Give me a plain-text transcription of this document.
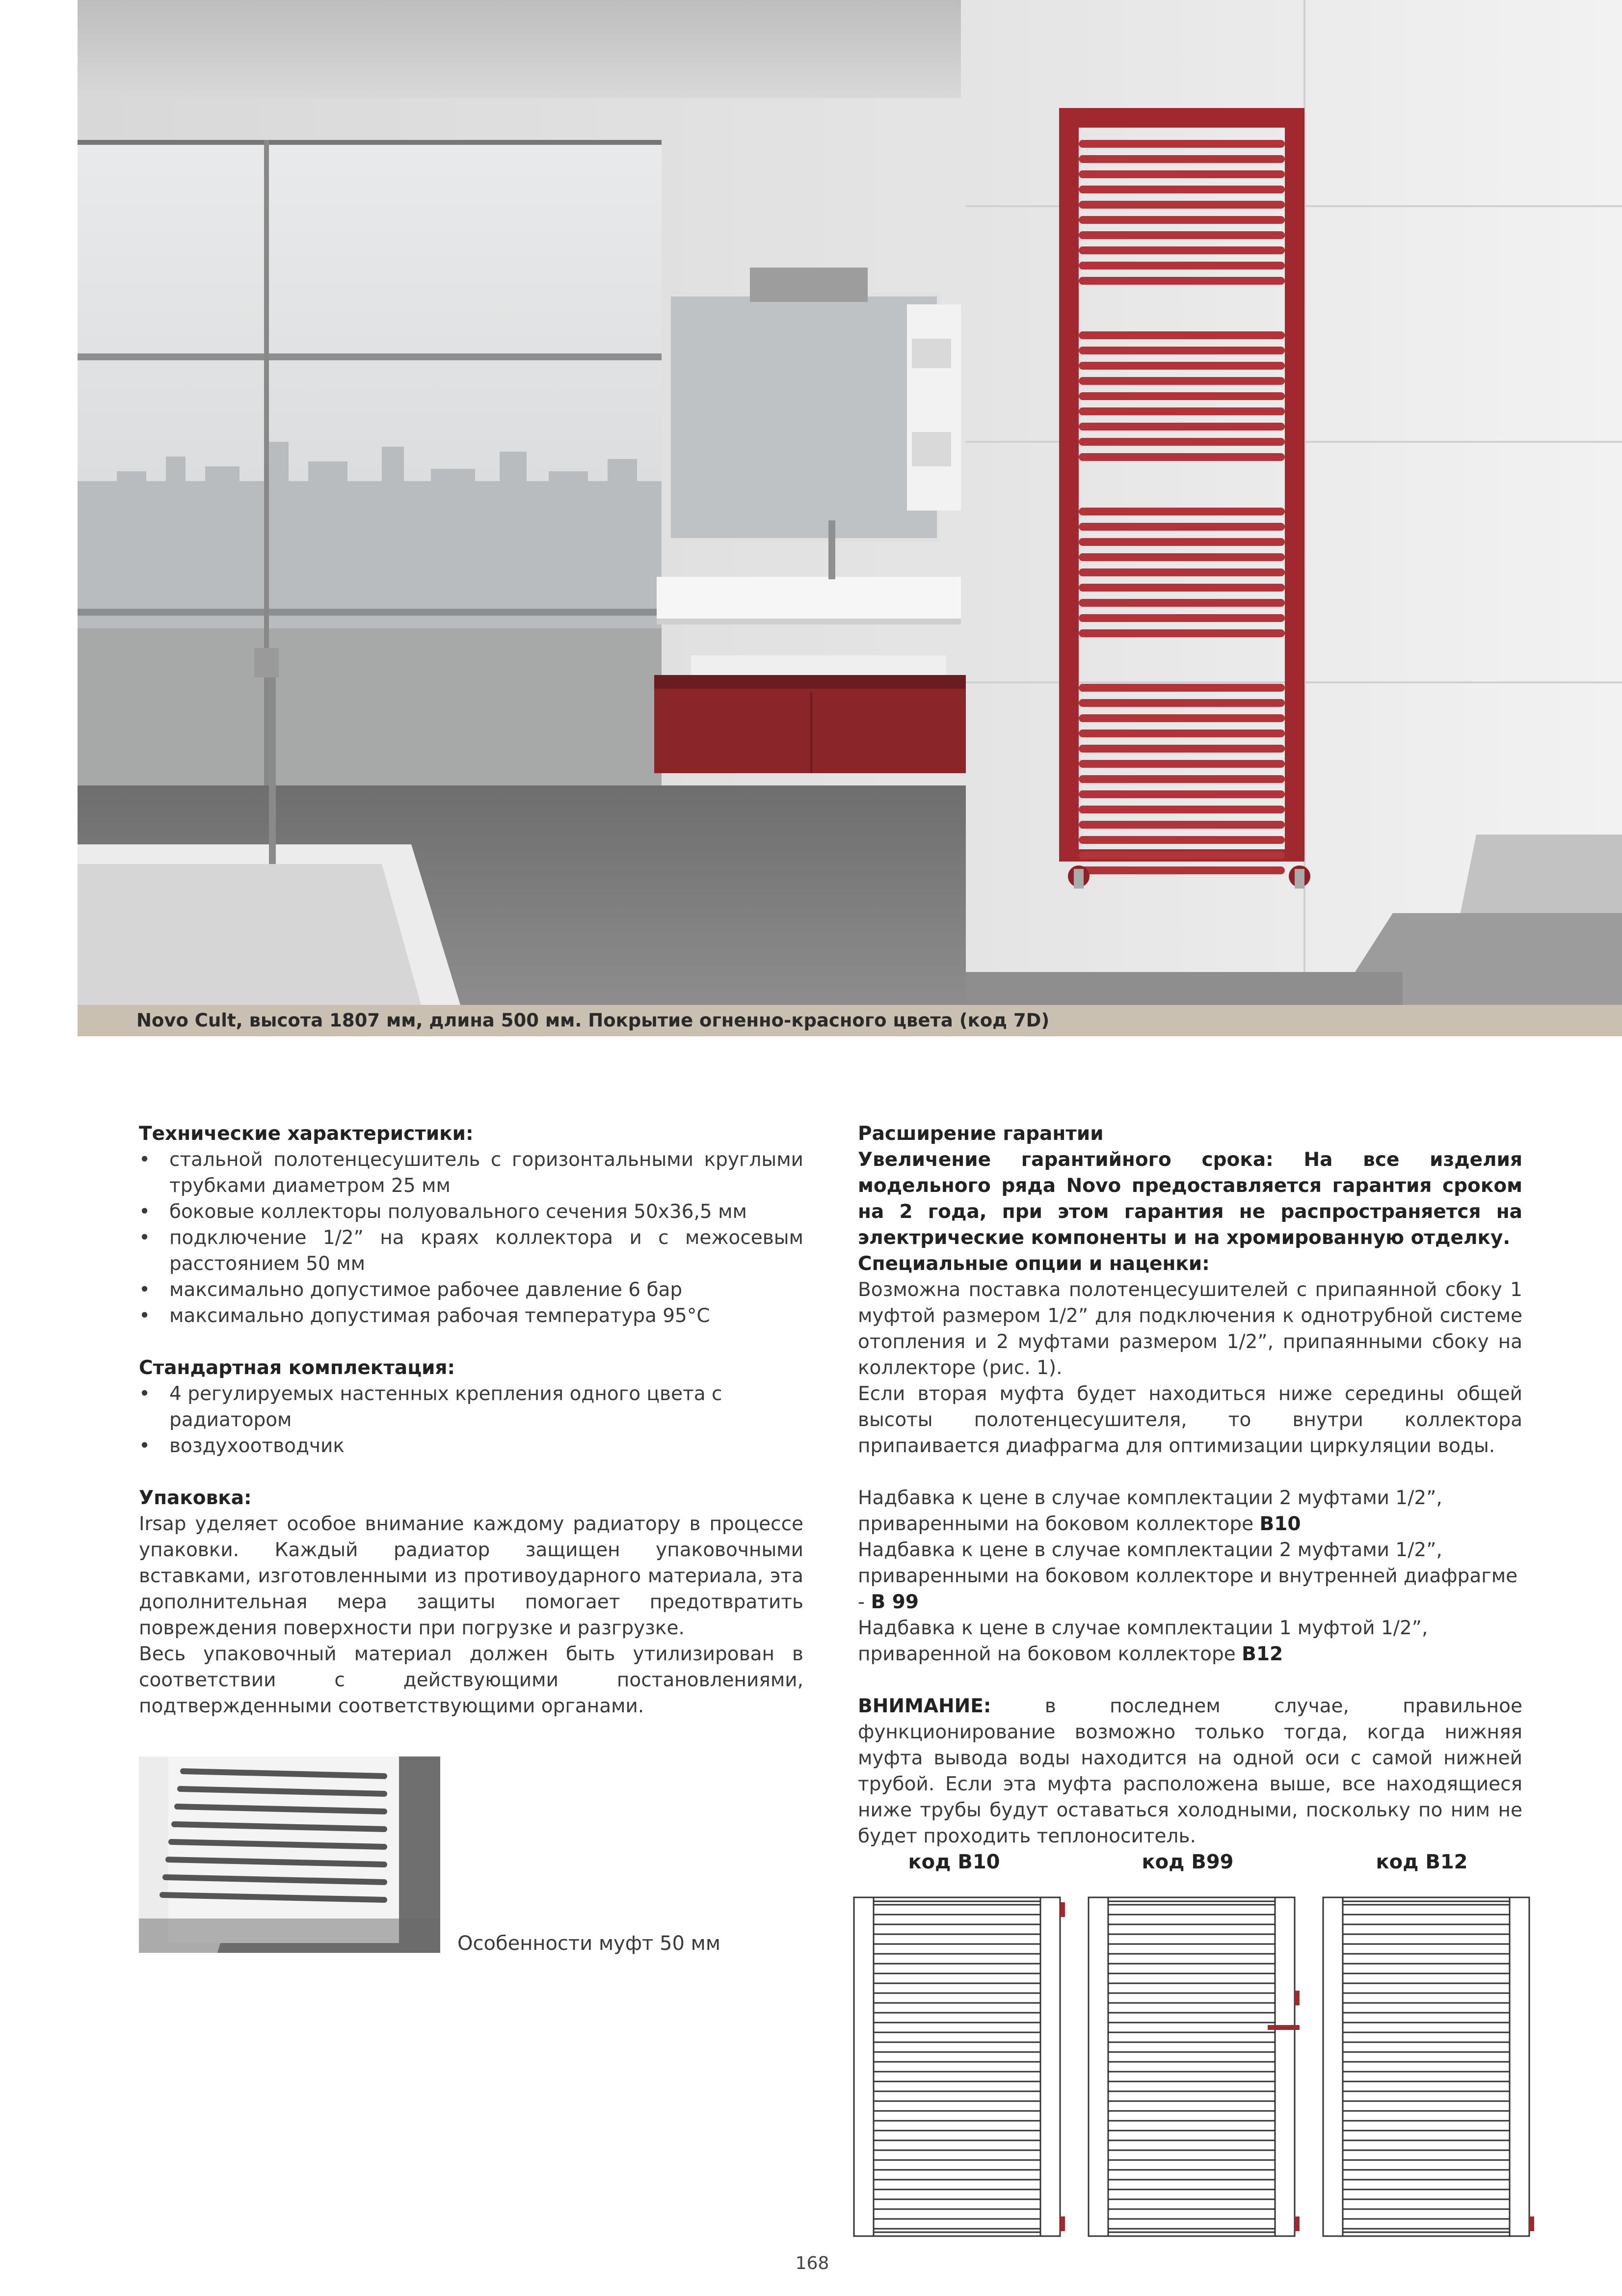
Novo Cult, высота 1807 мм, длина 500 мм. Покрытие огненно-красного цвета (код 7D)

Технические характеристики:

• стальной полотенцесушитель с горизонтальными круглыми трубками диаметром 25 мм
• боковые коллекторы полуовального сечения 50х36,5 мм
• подключение 1/2” на краях коллектора и с межосевым расстоянием 50 мм
• максимально допустимое рабочее давление 6 бар
• максимально допустимая рабочая температура 95°C

Стандартная комплектация:

• 4 регулируемых настенных крепления одного цвета с радиатором
• воздухоотводчик

Упаковка:

Irsap уделяет особое внимание каждому радиатору в процессе упаковки. Каждый радиатор защищен упаковочными вставками, изготовленными из противоударного материала, эта дополнительная мера защиты помогает предотвратить повреждения поверхности при погрузке и разгрузке.

Весь упаковочный материал должен быть утилизирован в соответствии с действующими постановлениями, подтвержденными соответствующими органами.

Особенности муфт 50 мм

Расширение гарантии

Увеличение гарантийного срока: На все изделия модельного ряда Novo предоставляется гарантия сроком на 2 года, при этом гарантия не распространяется на электрические компоненты и на хромированную отделку.

Специальные опции и наценки:

Возможна поставка полотенцесушителей с припаянной сбоку 1 муфтой размером 1/2” для подключения к однотрубной системе отопления и 2 муфтами размером 1/2”, припаянными сбоку на коллекторе (рис. 1).

Если вторая муфта будет находиться ниже середины общей высоты полотенцесушителя, то внутри коллектора припаивается диафрагма для оптимизации циркуляции воды.

Надбавка к цене в случае комплектации 2 муфтами 1/2”, приваренными на боковом коллекторе B10

Надбавка к цене в случае комплектации 2 муфтами 1/2”, приваренными на боковом коллекторе и внутренней диафрагме - B 99

Надбавка к цене в случае комплектации 1 муфтой 1/2”, приваренной на боковом коллекторе B12

ВНИМАНИЕ: в последнем случае, правильное функционирование возможно только тогда, когда нижняя муфта вывода воды находится на одной оси с самой нижней трубой. Если эта муфта расположена выше, все находящиеся ниже трубы будут оставаться холодными, поскольку по ним не будет проходить теплоноситель.

код B10	код B99	код B12
168
